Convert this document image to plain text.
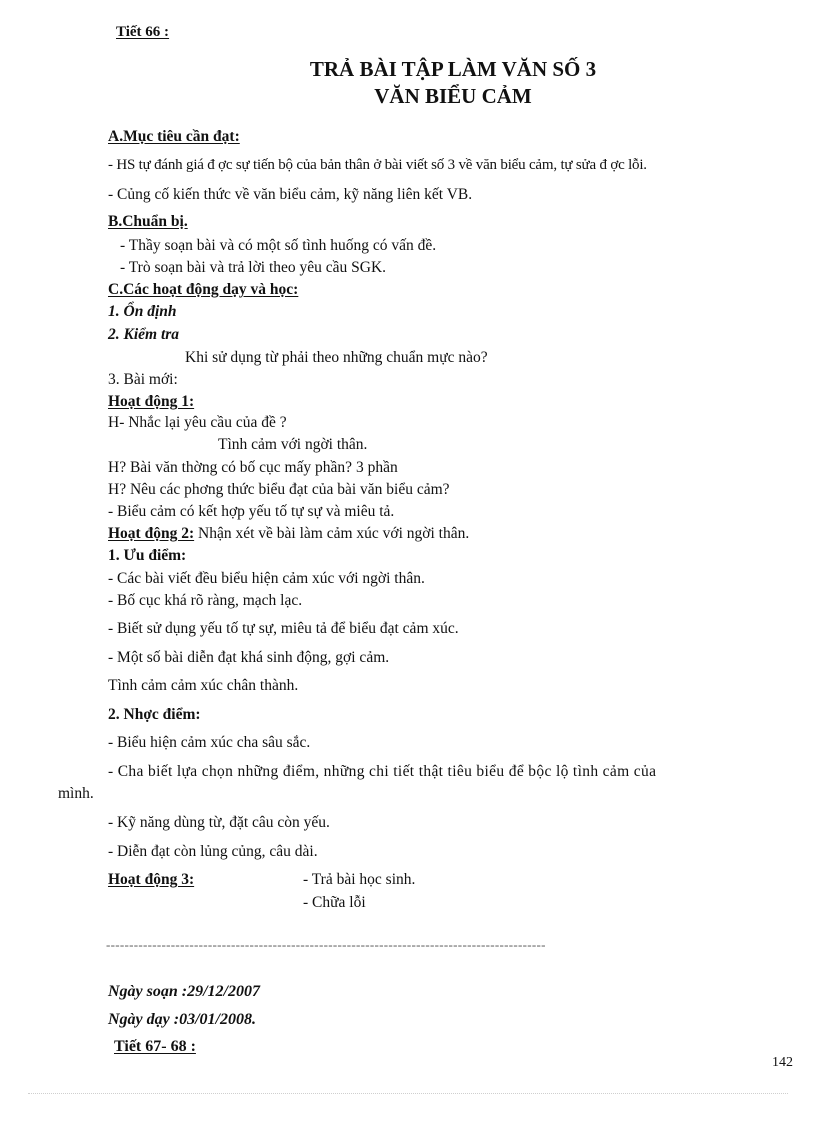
Tiết 66 :
TRẢ BÀI TẬP LÀM VĂN SỐ 3
VĂN BIỂU CẢM
A.Mục tiêu cần đạt:
- HS tự đánh giá đ ợc sự tiến bộ của bản thân ở bài viết số 3 về văn biểu cảm, tự sửa đ ợc lỗi.
- Củng cố kiến thức về văn biểu cảm, kỹ năng liên kết VB.
B.Chuẩn bị.
- Thầy soạn bài và có một số tình huống có vấn đề.
- Trò soạn bài và trả lời theo yêu cầu SGK.
C.Các hoạt động dạy và học:
1. Ổn định
2. Kiểm tra
Khi sử dụng từ phải theo những chuẩn mực nào?
3. Bài mới:
Hoạt động 1:
H- Nhắc lại yêu cầu của đề ?
Tình cảm với ngời thân.
H? Bài văn thờng có bố cục mấy phần? 3 phần
H? Nêu các phơng thức biểu đạt của bài văn biểu cảm?
- Biểu cảm có kết hợp yếu tố tự sự và miêu tả.
Hoạt động 2: Nhận xét về bài làm cảm xúc với ngời thân.
1. Ưu điểm:
- Các bài viết đều biểu hiện cảm xúc với ngời thân.
- Bố cục khá rõ ràng, mạch lạc.
- Biết sử dụng yếu tố tự sự, miêu tả để biểu đạt cảm xúc.
- Một số bài diễn đạt khá sinh động, gợi cảm.
Tình cảm cảm xúc chân thành.
2. Nhợc điểm:
- Biểu hiện cảm xúc cha sâu sắc.
- Cha biết lựa chọn những điểm, những chi tiết thật tiêu biểu để bộc lộ tình cảm của
mình.
- Kỹ năng dùng từ, đặt câu còn yếu.
- Diễn đạt còn lủng củng, câu dài.
Hoạt động 3:	- Trả bài học sinh.
- Chữa lỗi
-----------------------------------------------------------------------------------------------
Ngày soạn :29/12/2007
Ngày dạy :03/01/2008.
Tiết 67- 68 :
142
